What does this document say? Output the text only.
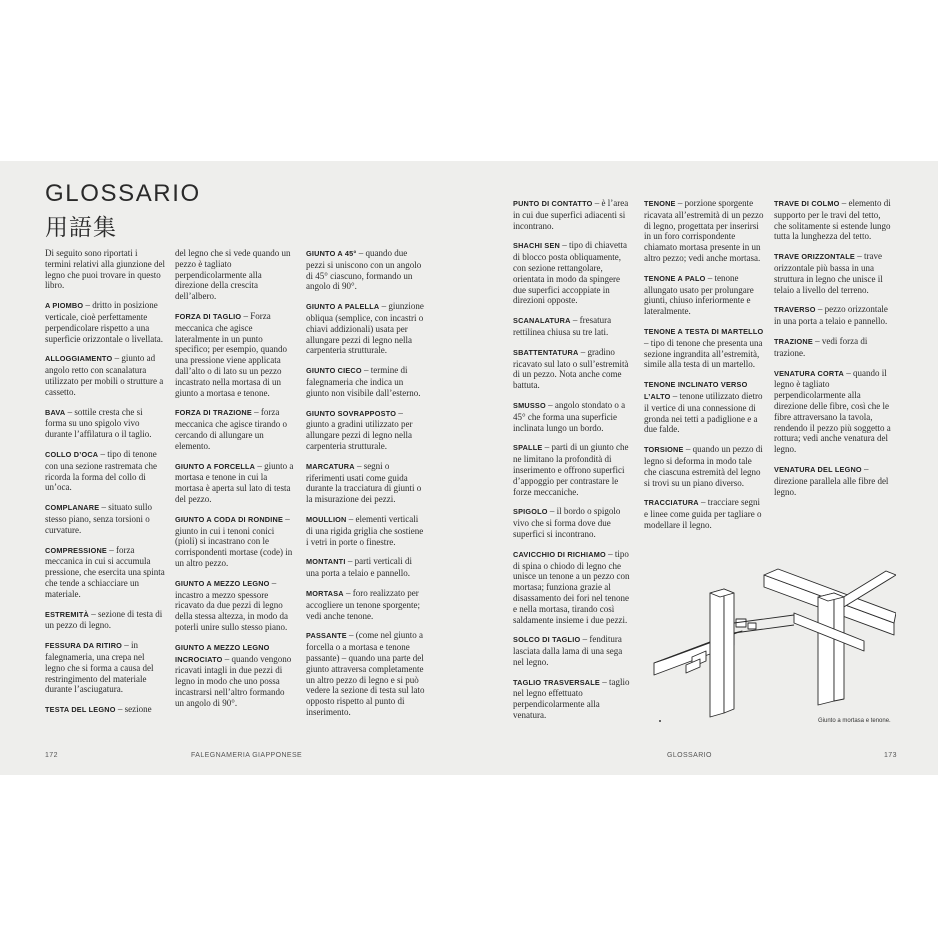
GLOSSARIO
用語集

Di seguito sono riportati i termini relativi alla giunzione del legno che puoi trovare in questo libro.

A PIOMBO – dritto in posizione verticale, cioè perfettamente perpendicolare rispetto a una superficie orizzontale o livellata.

ALLOGGIAMENTO – giunto ad angolo retto con scanalatura utilizzato per mobili o strutture a cassetto.

BAVA – sottile cresta che si forma su uno spigolo vivo durante l’affilatura o il taglio.

COLLO D’OCA – tipo di tenone con una sezione rastremata che ricorda la forma del collo di un’oca.

COMPLANARE – situato sullo stesso piano, senza torsioni o curvature.

COMPRESSIONE – forza meccanica in cui si accumula pressione, che esercita una spinta che tende a schiacciare un materiale.

ESTREMITÀ – sezione di testa di un pezzo di legno.

FESSURA DA RITIRO – in falegnameria, una crepa nel legno che si forma a causa del restringimento del materiale durante l’asciugatura.

TESTA DEL LEGNO – sezione

del legno che si vede quando un pezzo è tagliato perpendicolarmente alla direzione della crescita dell’albero.

FORZA DI TAGLIO – Forza meccanica che agisce lateralmente in un punto specifico; per esempio, quando una pressione viene applicata dall’alto o di lato su un pezzo incastrato nella mortasa di un giunto a mortasa e tenone.

FORZA DI TRAZIONE – forza meccanica che agisce tirando o cercando di allungare un elemento.

GIUNTO A FORCELLA – giunto a mortasa e tenone in cui la mortasa è aperta sul lato di testa del pezzo.

GIUNTO A CODA DI RONDINE – giunto in cui i tenoni conici (pioli) si incastrano con le corrispondenti mortase (code) in un altro pezzo.

GIUNTO A MEZZO LEGNO – incastro a mezzo spessore ricavato da due pezzi di legno della stessa altezza, in modo da poterli unire sullo stesso piano.

GIUNTO A MEZZO LEGNO INCROCIATO – quando vengono ricavati intagli in due pezzi di legno in modo che uno possa incastrarsi nell’altro formando un angolo di 90°.

GIUNTO A 45° – quando due pezzi si uniscono con un angolo di 45° ciascuno, formando un angolo di 90°.

GIUNTO A PALELLA – giunzione obliqua (semplice, con incastri o chiavi addizionali) usata per allungare pezzi di legno nella carpenteria strutturale.

GIUNTO CIECO – termine di falegnameria che indica un giunto non visibile dall’esterno.

GIUNTO SOVRAPPOSTO – giunto a gradini utilizzato per allungare pezzi di legno nella carpenteria strutturale.

MARCATURA – segni o riferimenti usati come guida durante la tracciatura di giunti o la misurazione dei pezzi.

MOULLION – elementi verticali di una rigida griglia che sostiene i vetri in porte o finestre.

MONTANTI – parti verticali di una porta a telaio e pannello.

MORTASA – foro realizzato per accogliere un tenone sporgente; vedi anche tenone.

PASSANTE – (come nel giunto a forcella o a mortasa e tenone passante) – quando una parte del giunto attraversa completamente un altro pezzo di legno e si può vedere la sezione di testa sul lato opposto rispetto al punto di inserimento.

PUNTO DI CONTATTO – è l’area in cui due superfici adiacenti si incontrano.

SHACHI SEN – tipo di chiavetta di blocco posta obliquamente, con sezione rettangolare, orientata in modo da spingere due superfici accoppiate in direzioni opposte.

SCANALATURA – fresatura rettilinea chiusa su tre lati.

SBATTENTATURA – gradino ricavato sul lato o sull’estremità di un pezzo. Nota anche come battuta.

SMUSSO – angolo stondato o a 45° che forma una superficie inclinata lungo un bordo.

SPALLE – parti di un giunto che ne limitano la profondità di inserimento e offrono superfici d’appoggio per contrastare le forze meccaniche.

SPIGOLO – il bordo o spigolo vivo che si forma dove due superfici si incontrano.

CAVICCHIO DI RICHIAMO – tipo di spina o chiodo di legno che unisce un tenone a un pezzo con mortasa; funziona grazie al disassamento dei fori nel tenone e nella mortasa, tirando così saldamente insieme i due pezzi.

SOLCO DI TAGLIO – fenditura lasciata dalla lama di una sega nel legno.

TAGLIO TRASVERSALE – taglio nel legno effettuato perpendicolarmente alla venatura.

TENONE – porzione sporgente ricavata all’estremità di un pezzo di legno, progettata per inserirsi in un foro corrispondente chiamato mortasa presente in un altro pezzo; vedi anche mortasa.

TENONE A PALO – tenone allungato usato per prolungare giunti, chiuso inferiormente e lateralmente.

TENONE A TESTA DI MARTELLO – tipo di tenone che presenta una sezione ingrandita all’estremità, simile alla testa di un martello.

TENONE INCLINATO VERSO L’ALTO – tenone utilizzato dietro il vertice di una connessione di gronda nei tetti a padiglione e a due falde.

TORSIONE – quando un pezzo di legno si deforma in modo tale che ciascuna estremità del legno si trovi su un piano diverso.

TRACCIATURA – tracciare segni e linee come guida per tagliare o modellare il legno.

TRAVE DI COLMO – elemento di supporto per le travi del tetto, che solitamente si estende lungo tutta la lunghezza del tetto.

TRAVE ORIZZONTALE – trave orizzontale più bassa in una struttura in legno che unisce il telaio a livello del terreno.

TRAVERSO – pezzo orizzontale in una porta a telaio e pannello.

TRAZIONE – vedi forza di trazione.

VENATURA CORTA – quando il legno è tagliato perpendicolarmente alla direzione delle fibre, così che le fibre attraversano la tavola, rendendo il pezzo più soggetto a rottura; vedi anche venatura del legno.

VENATURA DEL LEGNO – direzione parallela alle fibre del legno.

Giunto a mortasa e tenone.
172	FALEGNAMERIA GIAPPONESE	GLOSSARIO	173
